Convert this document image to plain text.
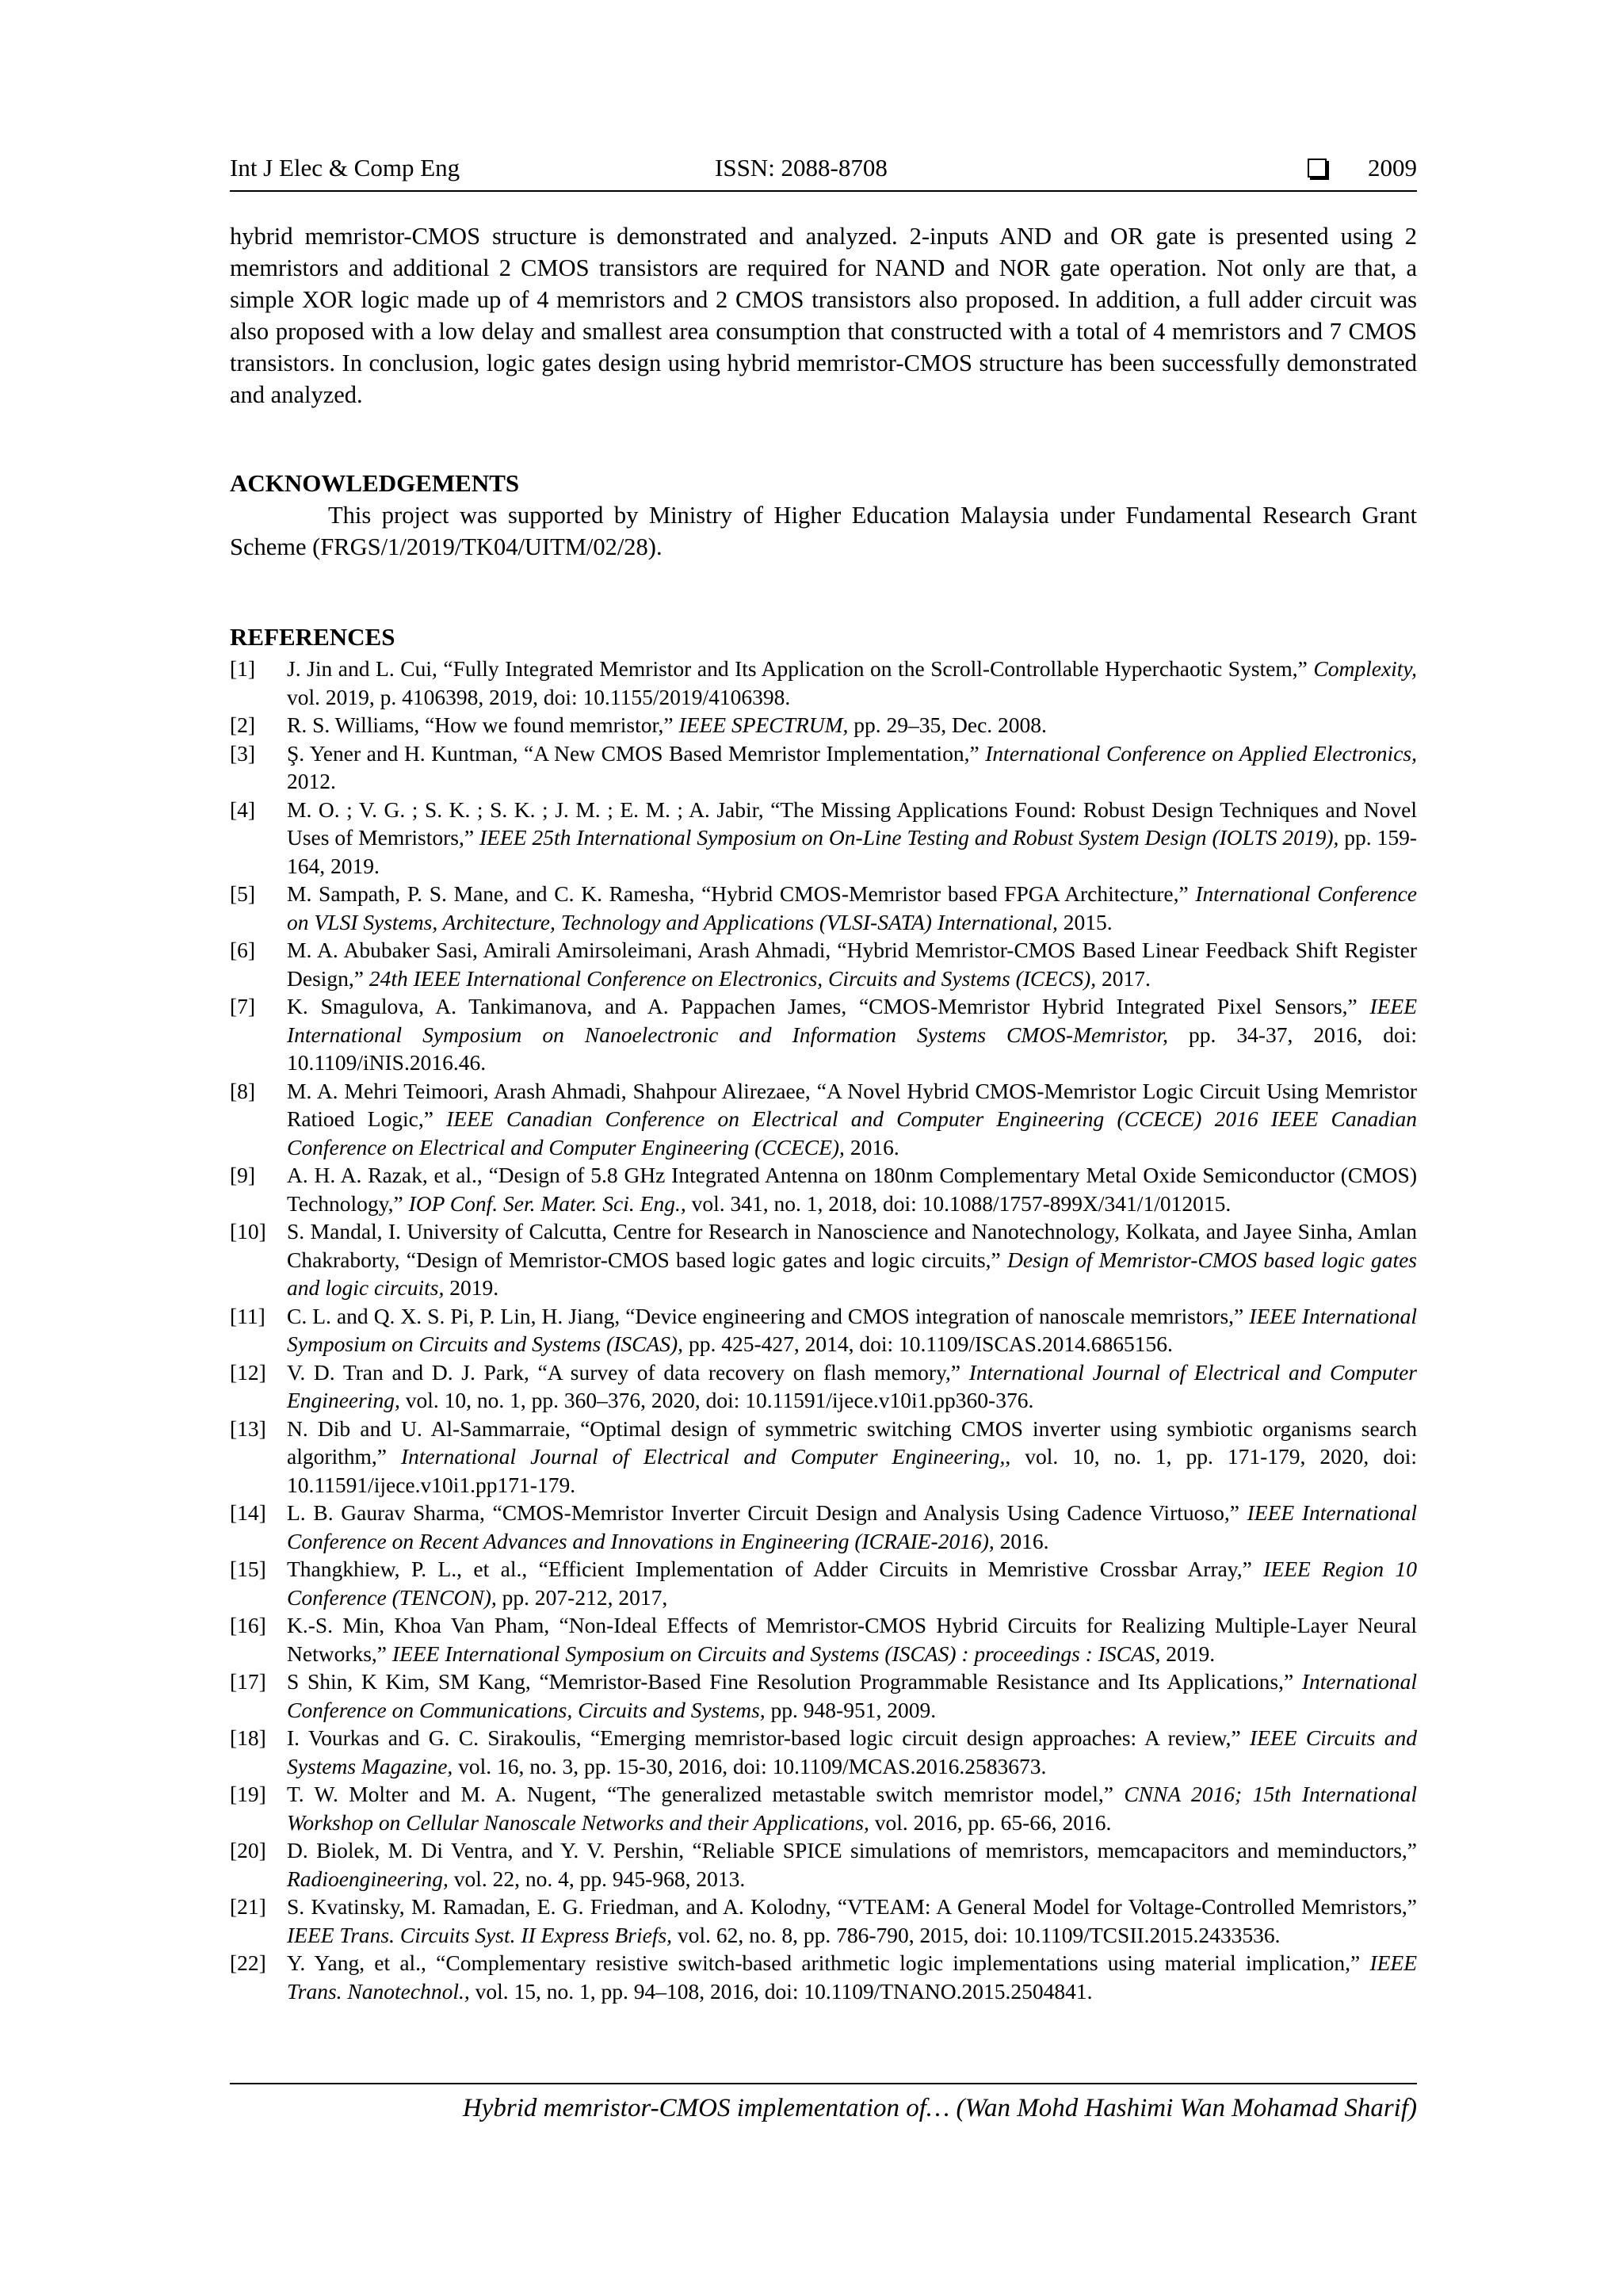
Int J Elec & Comp Eng	ISSN: 2088-8708	2009
hybrid memristor-CMOS structure is demonstrated and analyzed. 2-inputs AND and OR gate is presented using 2 memristors and additional 2 CMOS transistors are required for NAND and NOR gate operation. Not only are that, a simple XOR logic made up of 4 memristors and 2 CMOS transistors also proposed. In addition, a full adder circuit was also proposed with a low delay and smallest area consumption that constructed with a total of 4 memristors and 7 CMOS transistors. In conclusion, logic gates design using hybrid memristor-CMOS structure has been successfully demonstrated and analyzed.
ACKNOWLEDGEMENTS
This project was supported by Ministry of Higher Education Malaysia under Fundamental Research Grant Scheme (FRGS/1/2019/TK04/UITM/02/28).
REFERENCES
[1] J. Jin and L. Cui, “Fully Integrated Memristor and Its Application on the Scroll-Controllable Hyperchaotic System,” Complexity, vol. 2019, p. 4106398, 2019, doi: 10.1155/2019/4106398.
[2] R. S. Williams, “How we found memristor,” IEEE SPECTRUM, pp. 29–35, Dec. 2008.
[3] Ş. Yener and H. Kuntman, “A New CMOS Based Memristor Implementation,” International Conference on Applied Electronics, 2012.
[4] M. O. ; V. G. ; S. K. ; S. K. ; J. M. ; E. M. ; A. Jabir, “The Missing Applications Found: Robust Design Techniques and Novel Uses of Memristors,” IEEE 25th International Symposium on On-Line Testing and Robust System Design (IOLTS 2019), pp. 159-164, 2019.
[5] M. Sampath, P. S. Mane, and C. K. Ramesha, “Hybrid CMOS-Memristor based FPGA Architecture,” International Conference on VLSI Systems, Architecture, Technology and Applications (VLSI-SATA) International, 2015.
[6] M. A. Abubaker Sasi, Amirali Amirsoleimani, Arash Ahmadi, “Hybrid Memristor-CMOS Based Linear Feedback Shift Register Design,” 24th IEEE International Conference on Electronics, Circuits and Systems (ICECS), 2017.
[7] K. Smagulova, A. Tankimanova, and A. Pappachen James, “CMOS-Memristor Hybrid Integrated Pixel Sensors,” IEEE International Symposium on Nanoelectronic and Information Systems CMOS-Memristor, pp. 34-37, 2016, doi: 10.1109/iNIS.2016.46.
[8] M. A. Mehri Teimoori, Arash Ahmadi, Shahpour Alirezaee, “A Novel Hybrid CMOS-Memristor Logic Circuit Using Memristor Ratioed Logic,” IEEE Canadian Conference on Electrical and Computer Engineering (CCECE) 2016 IEEE Canadian Conference on Electrical and Computer Engineering (CCECE), 2016.
[9] A. H. A. Razak, et al., “Design of 5.8 GHz Integrated Antenna on 180nm Complementary Metal Oxide Semiconductor (CMOS) Technology,” IOP Conf. Ser. Mater. Sci. Eng., vol. 341, no. 1, 2018, doi: 10.1088/1757-899X/341/1/012015.
[10] S. Mandal, I. University of Calcutta, Centre for Research in Nanoscience and Nanotechnology, Kolkata, and Jayee Sinha, Amlan Chakraborty, “Design of Memristor-CMOS based logic gates and logic circuits,” Design of Memristor-CMOS based logic gates and logic circuits, 2019.
[11] C. L. and Q. X. S. Pi, P. Lin, H. Jiang, “Device engineering and CMOS integration of nanoscale memristors,” IEEE International Symposium on Circuits and Systems (ISCAS), pp. 425-427, 2014, doi: 10.1109/ISCAS.2014.6865156.
[12] V. D. Tran and D. J. Park, “A survey of data recovery on flash memory,” International Journal of Electrical and Computer Engineering, vol. 10, no. 1, pp. 360–376, 2020, doi: 10.11591/ijece.v10i1.pp360-376.
[13] N. Dib and U. Al-Sammarraie, “Optimal design of symmetric switching CMOS inverter using symbiotic organisms search algorithm,” International Journal of Electrical and Computer Engineering,, vol. 10, no. 1, pp. 171-179, 2020, doi: 10.11591/ijece.v10i1.pp171-179.
[14] L. B. Gaurav Sharma, “CMOS-Memristor Inverter Circuit Design and Analysis Using Cadence Virtuoso,” IEEE International Conference on Recent Advances and Innovations in Engineering (ICRAIE-2016), 2016.
[15] Thangkhiew, P. L., et al., “Efficient Implementation of Adder Circuits in Memristive Crossbar Array,” IEEE Region 10 Conference (TENCON), pp. 207-212, 2017,
[16] K.-S. Min, Khoa Van Pham, “Non-Ideal Effects of Memristor-CMOS Hybrid Circuits for Realizing Multiple-Layer Neural Networks,” IEEE International Symposium on Circuits and Systems (ISCAS) : proceedings : ISCAS, 2019.
[17] S Shin, K Kim, SM Kang, “Memristor-Based Fine Resolution Programmable Resistance and Its Applications,” International Conference on Communications, Circuits and Systems, pp. 948-951, 2009.
[18] I. Vourkas and G. C. Sirakoulis, “Emerging memristor-based logic circuit design approaches: A review,” IEEE Circuits and Systems Magazine, vol. 16, no. 3, pp. 15-30, 2016, doi: 10.1109/MCAS.2016.2583673.
[19] T. W. Molter and M. A. Nugent, “The generalized metastable switch memristor model,” CNNA 2016; 15th International Workshop on Cellular Nanoscale Networks and their Applications, vol. 2016, pp. 65-66, 2016.
[20] D. Biolek, M. Di Ventra, and Y. V. Pershin, “Reliable SPICE simulations of memristors, memcapacitors and meminductors,” Radioengineering, vol. 22, no. 4, pp. 945-968, 2013.
[21] S. Kvatinsky, M. Ramadan, E. G. Friedman, and A. Kolodny, “VTEAM: A General Model for Voltage-Controlled Memristors,” IEEE Trans. Circuits Syst. II Express Briefs, vol. 62, no. 8, pp. 786-790, 2015, doi: 10.1109/TCSII.2015.2433536.
[22] Y. Yang, et al., “Complementary resistive switch-based arithmetic logic implementations using material implication,” IEEE Trans. Nanotechnol., vol. 15, no. 1, pp. 94–108, 2016, doi: 10.1109/TNANO.2015.2504841.
Hybrid memristor-CMOS implementation of… (Wan Mohd Hashimi Wan Mohamad Sharif)
